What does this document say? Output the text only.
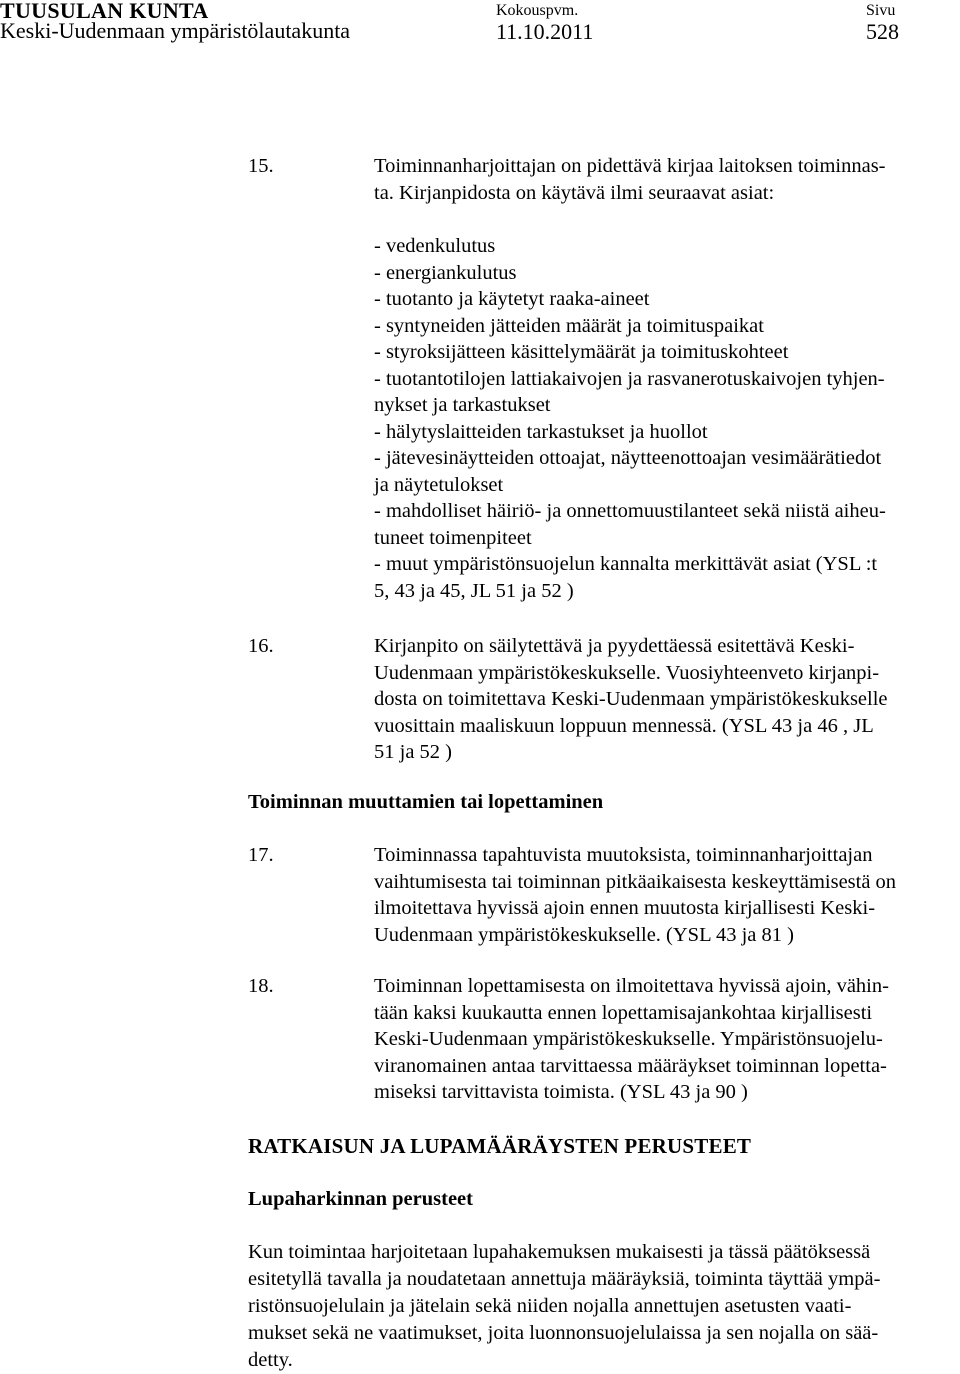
TUUSULAN KUNTA
Keski-Uudenmaan ympäristölautakunta
Kokouspvm.
11.10.2011
Sivu
528
15.	Toiminnanharjoittajan on pidettävä kirjaa laitoksen toiminnas-
ta. Kirjanpidosta on käytävä ilmi seuraavat asiat:
- vedenkulutus
- energiankulutus
- tuotanto ja käytetyt raaka-aineet
- syntyneiden jätteiden määrät ja toimituspaikat
- styroksijätteen käsittelymäärät ja toimituskohteet
- tuotantotilojen lattiakaivojen ja rasvanerotuskaivojen tyhjen-
nykset ja tarkastukset
- hälytyslaitteiden tarkastukset ja huollot
- jätevesinäytteiden ottoajat, näytteenottoajan vesimäärätiedot
ja näytetulokset
- mahdolliset häiriö- ja onnettomuustilanteet sekä niistä aiheu-
tuneet toimenpiteet
- muut ympäristönsuojelun kannalta merkittävät asiat (YSL :t
5, 43 ja 45, JL 51 ja 52 )
16.	Kirjanpito on säilytettävä ja pyydettäessä esitettävä Keski-
Uudenmaan ympäristökeskukselle. Vuosiyhteenveto kirjanpi-
dosta on toimitettava Keski-Uudenmaan ympäristökeskukselle
vuosittain maaliskuun loppuun mennessä. (YSL 43 ja 46 , JL
51 ja 52 )
Toiminnan muuttamien tai lopettaminen
17.	Toiminnassa tapahtuvista muutoksista, toiminnanharjoittajan
vaihtumisesta tai toiminnan pitkäaikaisesta keskeyttämisestä on
ilmoitettava hyvissä ajoin ennen muutosta kirjallisesti Keski-
Uudenmaan ympäristökeskukselle. (YSL 43 ja 81 )
18.	Toiminnan lopettamisesta on ilmoitettava hyvissä ajoin, vähin-
tään kaksi kuukautta ennen lopettamisajankohtaa kirjallisesti
Keski-Uudenmaan ympäristökeskukselle. Ympäristönsuojelu-
viranomainen antaa tarvittaessa määräykset toiminnan lopetta-
miseksi tarvittavista toimista. (YSL 43 ja 90 )
RATKAISUN JA LUPAMÄÄRÄYSTEN PERUSTEET
Lupaharkinnan perusteet
Kun toimintaa harjoitetaan lupahakemuksen mukaisesti ja tässä päätöksessä
esitetyllä tavalla ja noudatetaan annettuja määräyksiä, toiminta täyttää ympä-
ristönsuojelulain ja jätelain sekä niiden nojalla annettujen asetusten vaati-
mukset sekä ne vaatimukset, joita luonnonsuojelulaissa ja sen nojalla on sää-
detty.
